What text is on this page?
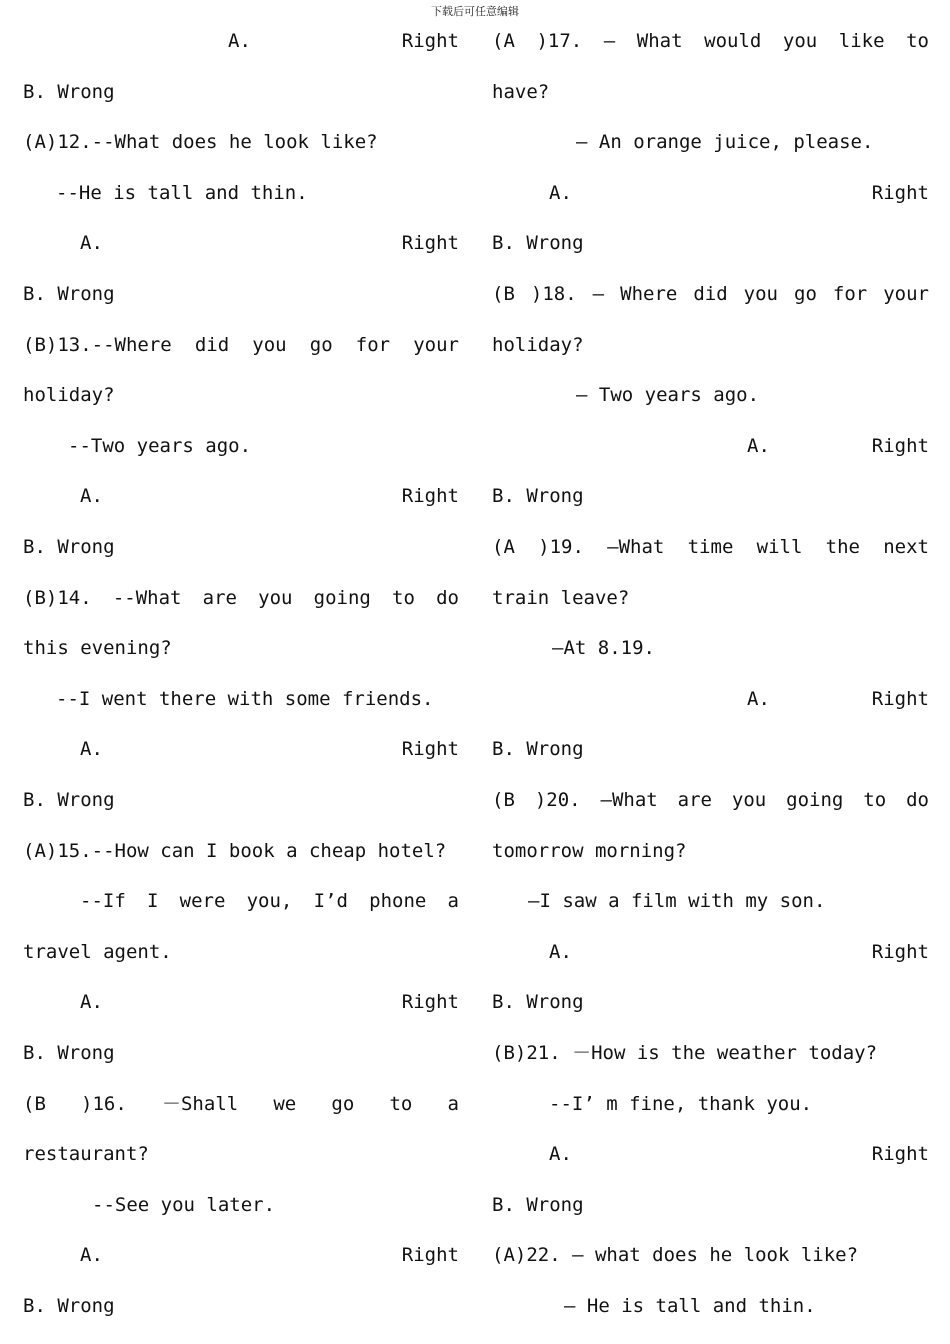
下载后可任意编辑
A.	Right
B. Wrong
(A)12.--What does he look like?
--He is tall and thin.
A.	Right
B. Wrong
(B)13.--Where did you go for your
holiday?
--Two years ago.
A.	Right
B. Wrong
(B)14. --What are you going to do
this evening?
--I went there with some friends.
A.	Right
B. Wrong
(A)15.--How can I book a cheap hotel?
--If I were you, I’d phone a
travel agent.
A.	Right
B. Wrong
(B )16. －Shall we go to a
restaurant?
--See you later.
A.	Right
B. Wrong
(A )17. — What would you like to
have?
— An orange juice, please.
A.	Right
B. Wrong
(B )18. — Where did you go for your
holiday?
— Two years ago.
A.	Right
B. Wrong
(A )19. —What time will the next
train leave?
—At 8.19.
A.	Right
B. Wrong
(B )20. —What are you going to do
tomorrow morning?
—I saw a film with my son.
A.	Right
B. Wrong
(B)21. －How is the weather today?
--I’ m fine, thank you.
A.	Right
B. Wrong
(A)22. — what does he look like?
— He is tall and thin.
